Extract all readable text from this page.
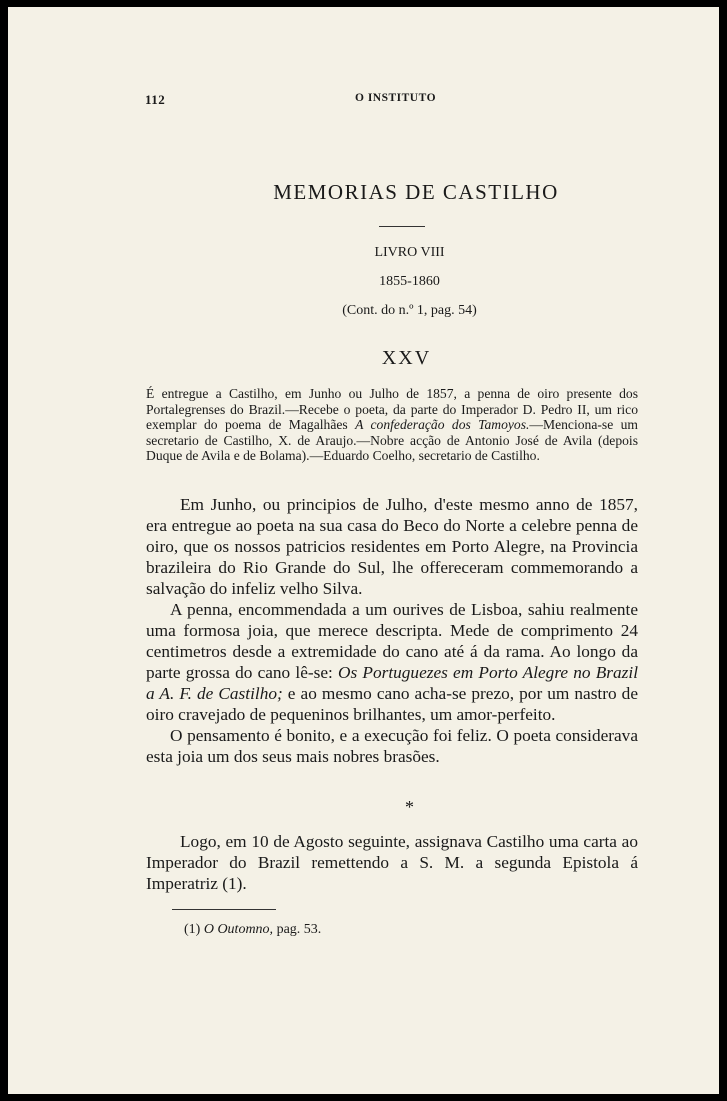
112	O INSTITUTO
MEMORIAS DE CASTILHO
LIVRO VIII
1855-1860
(Cont. do n.º 1, pag. 54)
XXV
É entregue a Castilho, em Junho ou Julho de 1857, a penna de oiro presente dos Portalegrenses do Brazil.—Recebe o poeta, da parte do Imperador D. Pedro II, um rico exemplar do poema de Magalhães A confederação dos Tamoyos.—Menciona-se um secretario de Castilho, X. de Araujo.—Nobre acção de Antonio José de Avila (depois Duque de Avila e de Bolama).—Eduardo Coelho, secretario de Castilho.

Em Junho, ou principios de Julho, d'este mesmo anno de 1857, era entregue ao poeta na sua casa do Beco do Norte a celebre penna de oiro, que os nossos patricios residentes em Porto Alegre, na Provincia brazileira do Rio Grande do Sul, lhe offereceram commemorando a salvação do infeliz velho Silva.

A penna, encommendada a um ourives de Lisboa, sahiu realmente uma formosa joia, que merece descripta. Mede de comprimento 24 centimetros desde a extremidade do cano até á da rama. Ao longo da parte grossa do cano lê-se: Os Portuguezes em Porto Alegre no Brazil a A. F. de Castilho; e ao mesmo cano acha-se prezo, por um nastro de oiro cravejado de pequeninos brilhantes, um amor-perfeito.

O pensamento é bonito, e a execução foi feliz. O poeta considerava esta joia um dos seus mais nobres brasões.

*

Logo, em 10 de Agosto seguinte, assignava Castilho uma carta ao Imperador do Brazil remettendo a S. M. a segunda Epistola á Imperatriz (1).

(1) O Outomno, pag. 53.
